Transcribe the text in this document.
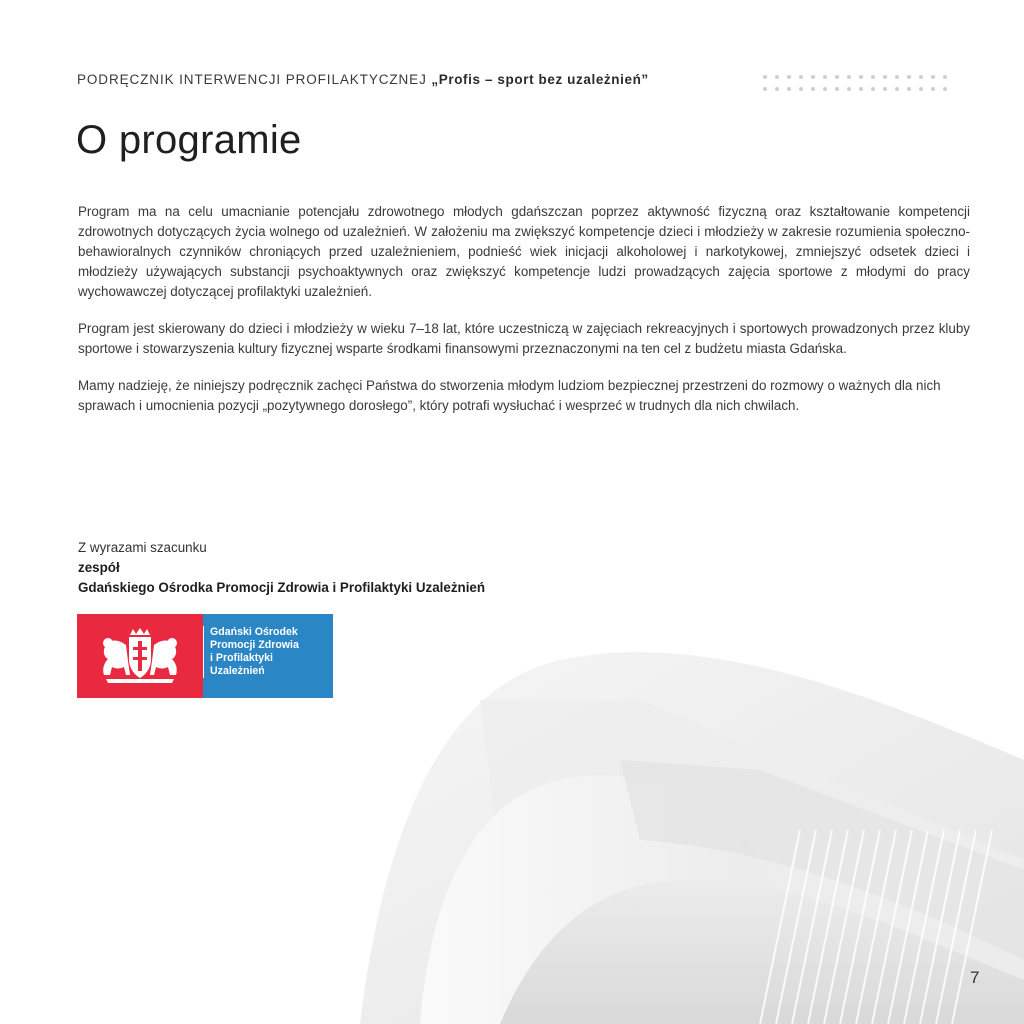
PODRĘCZNIK INTERWENCJI PROFILAKTYCZNEJ „Profis – sport bez uzależnień”
O programie

Program ma na celu umacnianie potencjału zdrowotnego młodych gdańszczan poprzez aktywność fizyczną oraz kształtowanie kompetencji zdrowotnych dotyczących życia wolnego od uzależnień. W założeniu ma zwiększyć kompetencje dzieci i młodzieży w zakresie rozumienia społeczno-behawioralnych czynników chroniących przed uzależnieniem, podnieść wiek inicjacji alkoholowej i narkotykowej, zmniejszyć odsetek dzieci i młodzieży używających substancji psychoaktywnych oraz zwiększyć kompetencje ludzi prowadzących zajęcia sportowe z młodymi do pracy wychowawczej dotyczącej profilaktyki uzależnień.

Program jest skierowany do dzieci i młodzieży w wieku 7–18 lat, które uczestniczą w zajęciach rekreacyjnych i sportowych prowadzonych przez kluby sportowe i stowarzyszenia kultury fizycznej wsparte środkami finansowymi przeznaczonymi na ten cel z budżetu miasta Gdańska.

Mamy nadzieję, że niniejszy podręcznik zachęci Państwa do stworzenia młodym ludziom bezpiecznej przestrzeni do rozmowy o ważnych dla nich sprawach i umocnienia pozycji „pozytywnego dorosłego”, który potrafi wysłuchać i wesprzeć w trudnych dla nich chwilach.

Z wyrazami szacunku
zespół
Gdańskiego Ośrodka Promocji Zdrowia i Profilaktyki Uzależnień
Gdański Ośrodek
Promocji Zdrowia
i Profilaktyki
Uzależnień
7
